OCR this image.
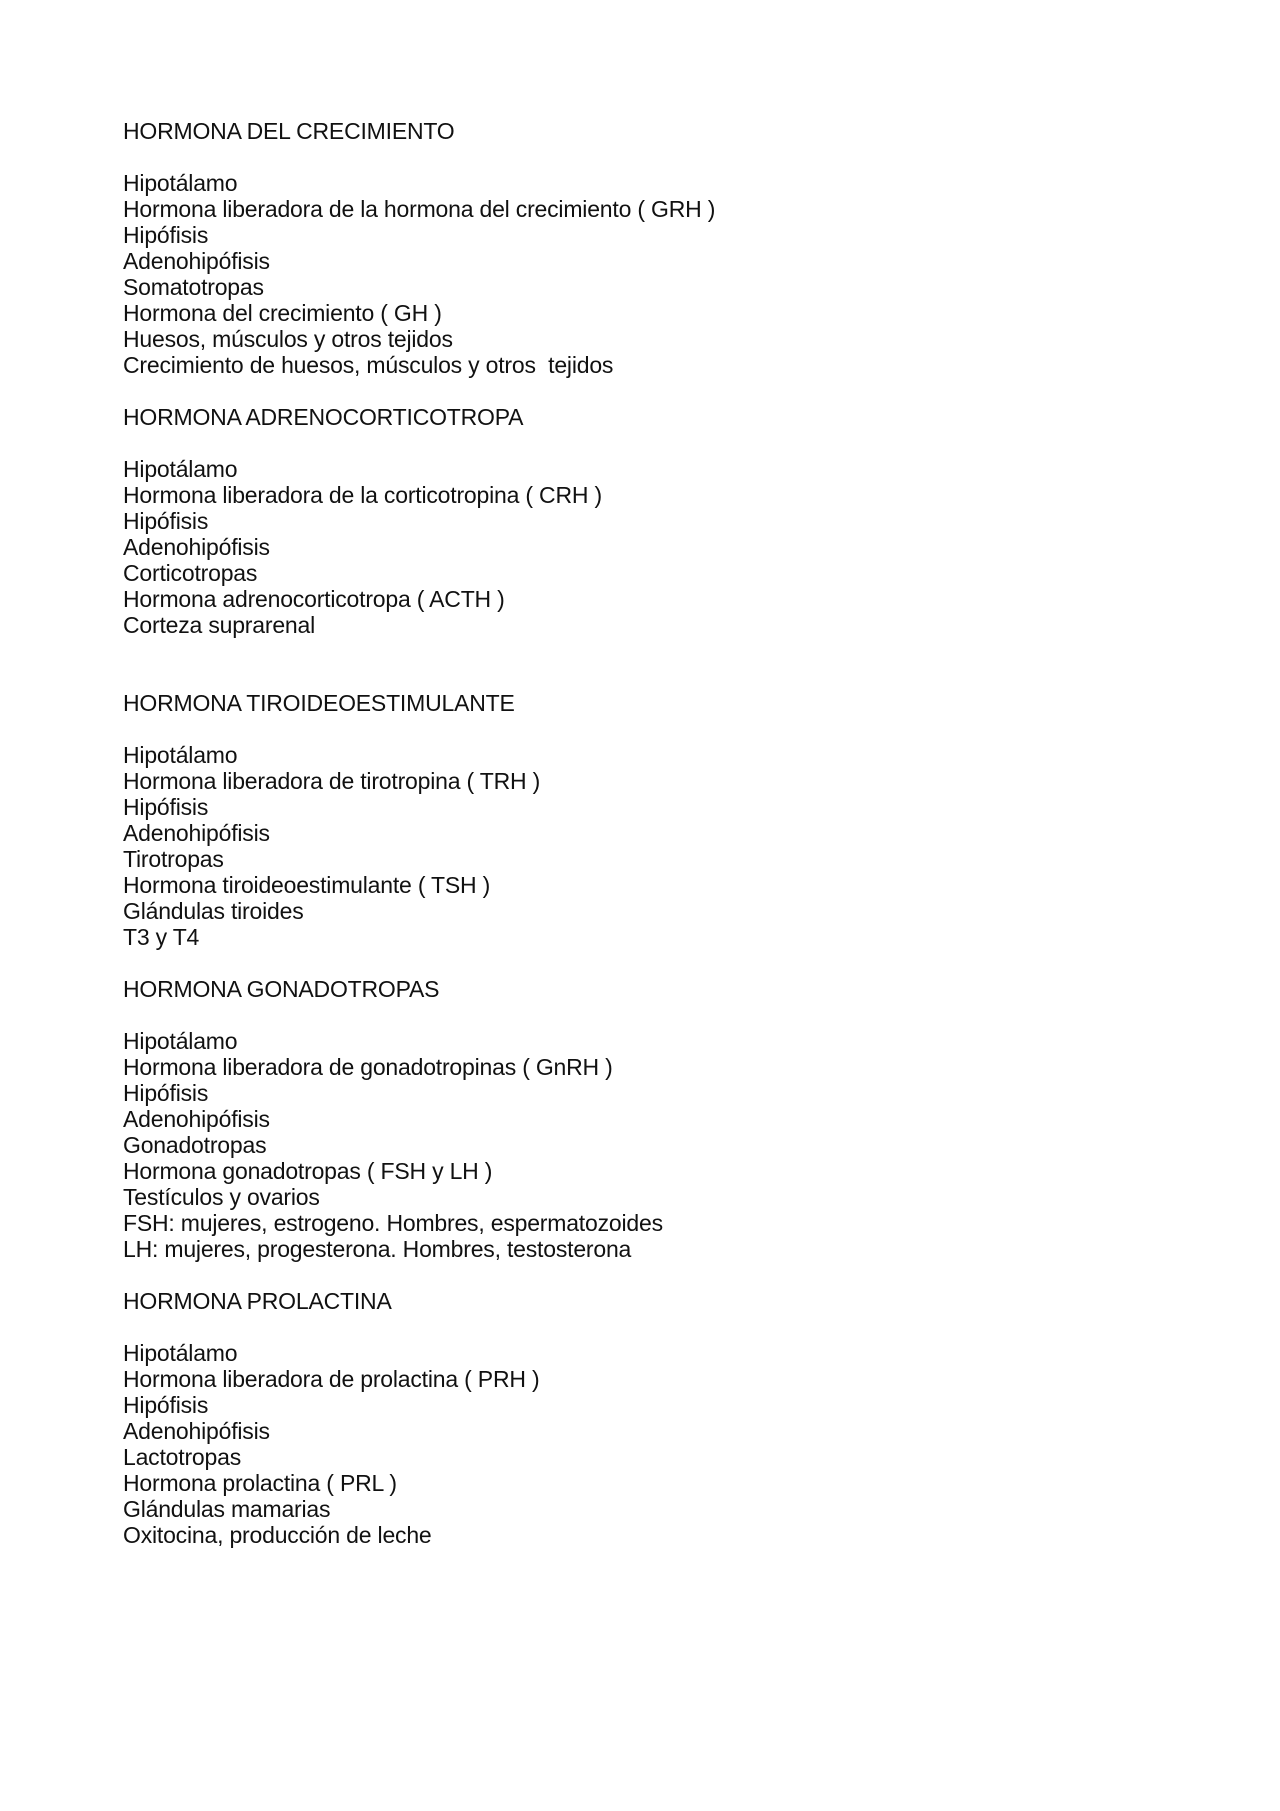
HORMONA DEL CRECIMIENTO

Hipotálamo

Hormona liberadora de la hormona del crecimiento ( GRH )

Hipófisis

Adenohipófisis

Somatotropas

Hormona del crecimiento ( GH )

Huesos, músculos y otros tejidos

Crecimiento de huesos, músculos y otros  tejidos

HORMONA ADRENOCORTICOTROPA

Hipotálamo

Hormona liberadora de la corticotropina ( CRH )

Hipófisis

Adenohipófisis

Corticotropas

Hormona adrenocorticotropa ( ACTH )

Corteza suprarenal

HORMONA TIROIDEOESTIMULANTE

Hipotálamo

Hormona liberadora de tirotropina ( TRH )

Hipófisis

Adenohipófisis

Tirotropas

Hormona tiroideoestimulante ( TSH )

Glándulas tiroides

T3 y T4

HORMONA GONADOTROPAS

Hipotálamo

Hormona liberadora de gonadotropinas ( GnRH )

Hipófisis

Adenohipófisis

Gonadotropas

Hormona gonadotropas ( FSH y LH )

Testículos y ovarios

FSH: mujeres, estrogeno. Hombres, espermatozoides

LH: mujeres, progesterona. Hombres, testosterona

HORMONA PROLACTINA

Hipotálamo

Hormona liberadora de prolactina ( PRH )

Hipófisis

Adenohipófisis

Lactotropas

Hormona prolactina ( PRL )

Glándulas mamarias

Oxitocina, producción de leche
